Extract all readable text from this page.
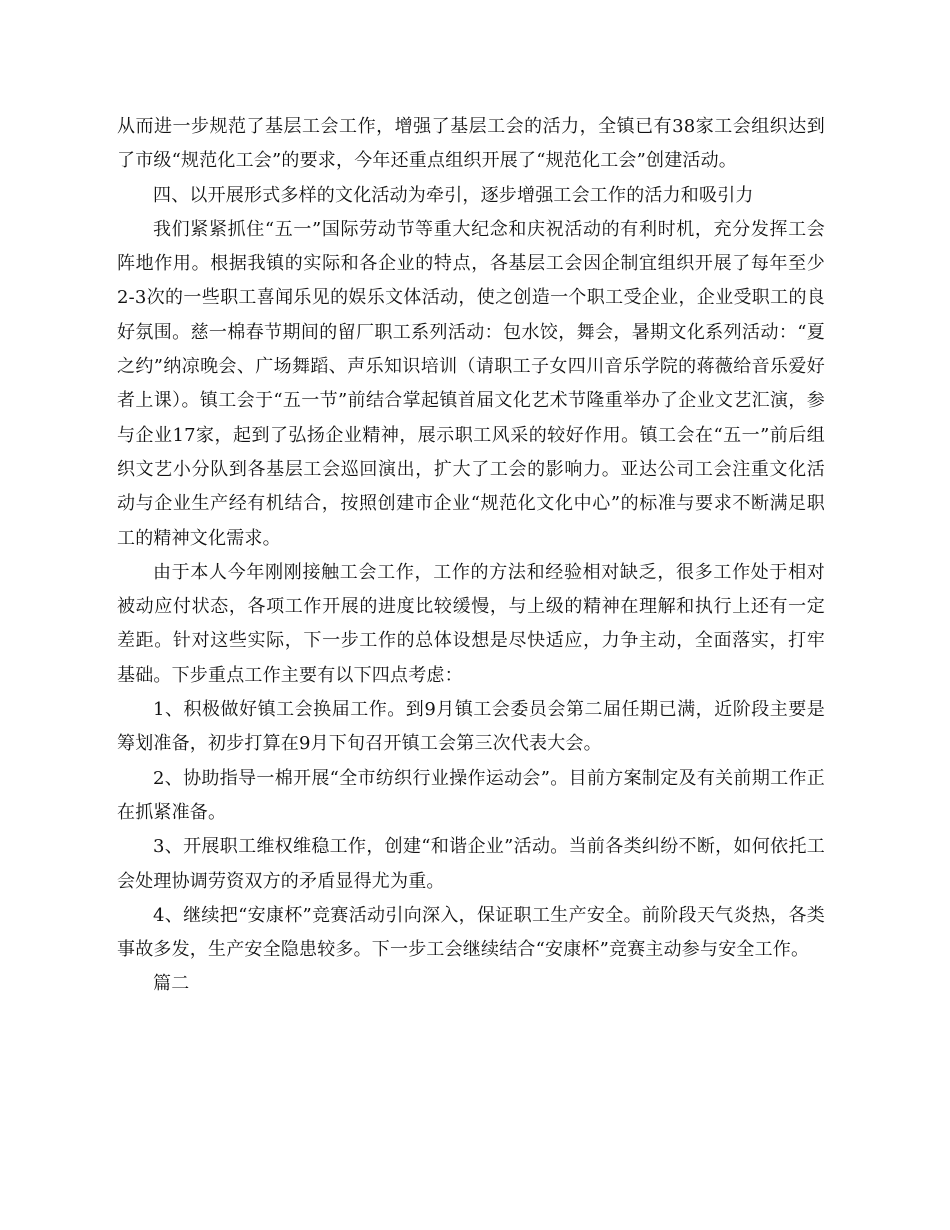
从而进一步规范了基层工会工作，增强了基层工会的活力，全镇已有38家工会组织达到了市级“规范化工会”的要求，今年还重点组织开展了“规范化工会”创建活动。

四、以开展形式多样的文化活动为牵引，逐步增强工会工作的活力和吸引力

我们紧紧抓住“五一”国际劳动节等重大纪念和庆祝活动的有利时机，充分发挥工会阵地作用。根据我镇的实际和各企业的特点，各基层工会因企制宜组织开展了每年至少2-3次的一些职工喜闻乐见的娱乐文体活动，使之创造一个职工受企业，企业受职工的良好氛围。慈一棉春节期间的留厂职工系列活动：包水饺，舞会，暑期文化系列活动：“夏之约”纳凉晚会、广场舞蹈、声乐知识培训（请职工子女四川音乐学院的蒋薇给音乐爱好者上课）。镇工会于“五一节”前结合掌起镇首届文化艺术节隆重举办了企业文艺汇演，参与企业17家，起到了弘扬企业精神，展示职工风采的较好作用。镇工会在“五一”前后组织文艺小分队到各基层工会巡回演出，扩大了工会的影响力。亚达公司工会注重文化活动与企业生产经有机结合，按照创建市企业“规范化文化中心”的标准与要求不断满足职工的精神文化需求。

由于本人今年刚刚接触工会工作，工作的方法和经验相对缺乏，很多工作处于相对被动应付状态，各项工作开展的进度比较缓慢，与上级的精神在理解和执行上还有一定差距。针对这些实际，下一步工作的总体设想是尽快适应，力争主动，全面落实，打牢基础。下步重点工作主要有以下四点考虑：

1、积极做好镇工会换届工作。到9月镇工会委员会第二届任期已满，近阶段主要是筹划准备，初步打算在9月下旬召开镇工会第三次代表大会。

2、协助指导一棉开展“全市纺织行业操作运动会”。目前方案制定及有关前期工作正在抓紧准备。

3、开展职工维权维稳工作，创建“和谐企业”活动。当前各类纠纷不断，如何依托工会处理协调劳资双方的矛盾显得尤为重。

4、继续把“安康杯”竞赛活动引向深入，保证职工生产安全。前阶段天气炎热，各类事故多发，生产安全隐患较多。下一步工会继续结合“安康杯”竞赛主动参与安全工作。

篇二
